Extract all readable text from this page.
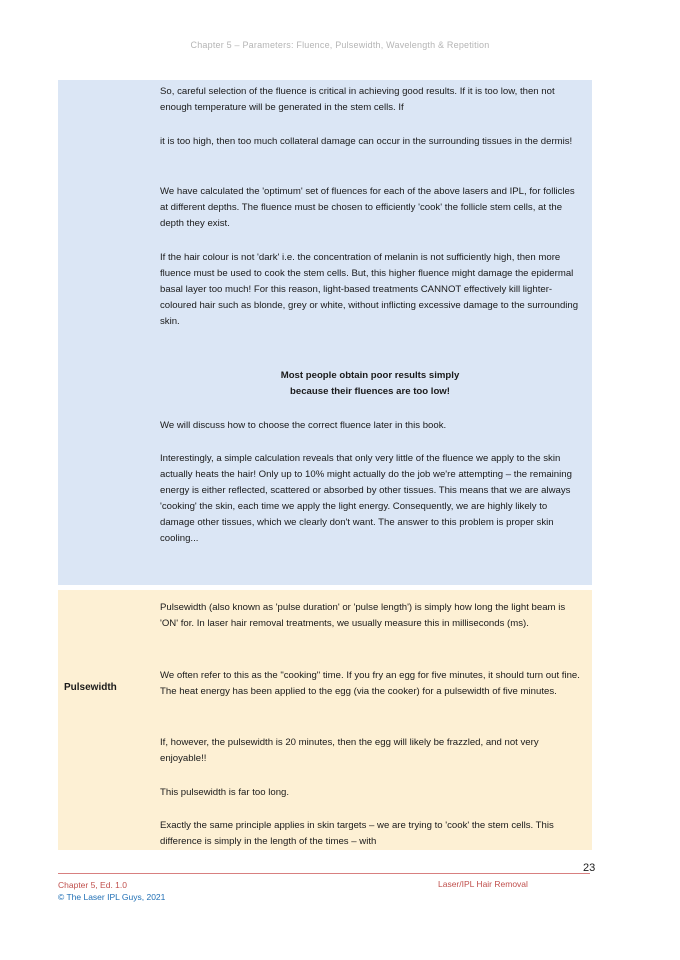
Chapter 5 – Parameters: Fluence, Pulsewidth, Wavelength & Repetition
So, careful selection of the fluence is critical in achieving good results. If it is too low, then not enough temperature will be generated in the stem cells. If
it is too high, then too much collateral damage can occur in the surrounding tissues in the dermis!
We have calculated the 'optimum' set of fluences for each of the above lasers and IPL, for follicles at different depths. The fluence must be chosen to efficiently 'cook' the follicle stem cells, at the depth they exist.
If the hair colour is not 'dark' i.e. the concentration of melanin is not sufficiently high, then more fluence must be used to cook the stem cells. But, this higher fluence might damage the epidermal basal layer too much! For this reason, light-based treatments CANNOT effectively kill lighter-coloured hair such as blonde, grey or white, without inflicting excessive damage to the surrounding skin.
Most people obtain poor results simply
because their fluences are too low!
We will discuss how to choose the correct fluence later in this book.
Interestingly, a simple calculation reveals that only very little of the fluence we apply to the skin actually heats the hair! Only up to 10% might actually do the job we're attempting – the remaining energy is either reflected, scattered or absorbed by other tissues. This means that we are always 'cooking' the skin, each time we apply the light energy. Consequently, we are highly likely to damage other tissues, which we clearly don't want. The answer to this problem is proper skin cooling...
Pulsewidth
Pulsewidth (also known as 'pulse duration' or 'pulse length') is simply how long the light beam is 'ON' for. In laser hair removal treatments, we usually measure this in milliseconds (ms).
We often refer to this as the "cooking" time. If you fry an egg for five minutes, it should turn out fine. The heat energy has been applied to the egg (via the cooker) for a pulsewidth of five minutes.
If, however, the pulsewidth is 20 minutes, then the egg will likely be frazzled, and not very enjoyable!!
This pulsewidth is far too long.
Exactly the same principle applies in skin targets – we are trying to 'cook' the stem cells. This difference is simply in the length of the times – with
23
Chapter 5, Ed. 1.0
© The Laser IPL Guys, 2021
Laser/IPL Hair Removal
